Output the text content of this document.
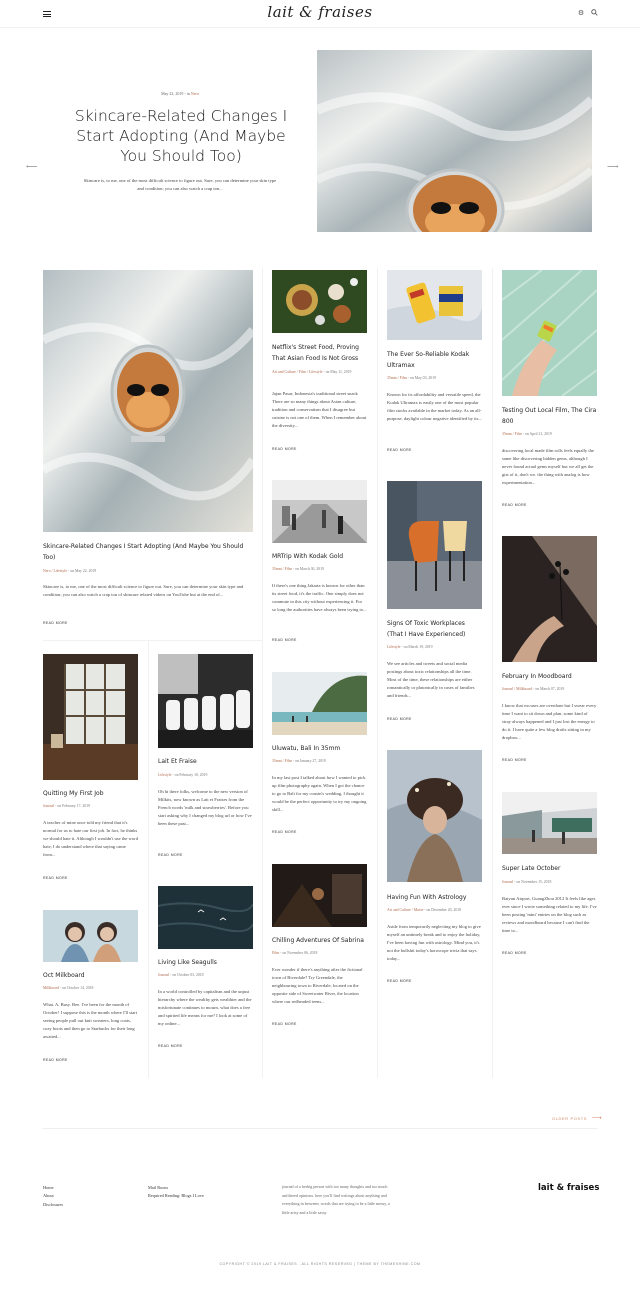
lait & fraises	⚙
⟵	⟶
May 22, 2019 - in Nero
Skincare-Related Changes I Start Adopting (And Maybe You Should Too)
Skincare is, to me, one of the most difficult science to figure out. Sure, you can determine your skin type and condition; you can also watch a crap ton...
Skincare-Related Changes I Start Adopting (And Maybe You Should Too)
Nero / Lifestyle - on May 22, 2019
Skincare is, to me, one of the most difficult science to figure out. Sure, you can determine your skin type and condition; you can also watch a crap ton of skincare related videos on YouTube but at the end of...
READ MORE
Netflix's Street Food, Proving That Asian Food Is Not Gross
Art and Culture / Film / Lifestyle - on May 11, 2019
Jajan Pasar, Indonesia's traditional street snack There are so many things about Asian culture, tradition and conservatism that I disagree but cuisine is not one of them. When I remember about the diversity...
READ MORE
The Ever So-Reliable Kodak Ultramax
35mm / Film - on May 03, 2019
Known for its affordability and versatile speed, the Kodak Ultramax is easily one of the most popular film stocks available in the market today. As an all-purpose, daylight colour negative identified by its...
READ MORE
Testing Out Local Film, The Cira 800
35mm / Film - on April 21, 2019
discovering local made film rolls feels equally the same like discovering hidden gems, although I never found actual gems myself but we all get the gist of it, don't we. the thing with analog is how experimentation...
READ MORE
MRTrip With Kodak Gold
35mm / Film - on March 30, 2019
If there's one thing Jakarta is known for other than its street food, it's the traffic. One simply does not commute in this city without experiencing it. For so long the authorities have always been trying to...
READ MORE
Signs Of Toxic Workplaces (That I Have Experienced)
Lifestyle - on March 19, 2019
We see articles and tweets and social media postings about toxic relationships all the time. Most of the time, these relationships are either romantically or platonically in cases of families and friends...
READ MORE
February In Moodboard
Journal / Milkboard - on March 07, 2019
I know that excuses are overdone but I swear every time I want to sit down and plan, some kind of stray always happened and I just lost the energy to do it. I have quite a few blog drafts sitting in my dropbox...
READ MORE
Quitting My First Job
Journal - on February 17, 2019
A teacher of mine once told my friend that it's normal for us to hate our first job. In fact, he thinks we should hate it. Although I wouldn't use the word hate, I do understand where that saying came from...
READ MORE
Lait Et Fraise
Lifestyle - on February 10, 2019
Oh hi there folks, welcome to the new version of Milkits, now known as Lait et Fraises from the French words 'milk and strawberries'. Before you start asking why I changed my blog url or how I've been these past...
READ MORE
Uluwatu, Bali In 35mm
35mm / Film - on January 27, 2019
In my last post I talked about how I wanted to pick up film photography again. When I got the chance to go to Bali for my cousin's wedding, I thought it would be the perfect opportunity to try my ongoing skill...
READ MORE
Having Fun With Astrology
Art and Culture / Musie - on December 20, 2018
Aside from temporarily neglecting my blog to give myself an untimely break and to enjoy the holiday, I've been having fun with astrology. Mind you, it's not the bullshit today's horoscope trivia that says today...
READ MORE
Super Late October
Journal - on November 15, 2018
Baiyun Airport, GuangZhou 2012 It feels like ages ever since I wrote something related to my life. I've been posting 'mini' entries on the blog such as reviews and moodboard because I can't find the time to...
READ MORE
Oct Milkboard
Milkboard - on October 14, 2018
What. A. Busy. Bee. I've been for the month of October! I suppose this is the month where I'll start seeing people pull out knit sweaters, long coats, cozy boots and then go to Starbucks for their long awaited...
READ MORE
Living Like Seagulls
Journal - on October 03, 2018
In a world controlled by capitalism and the unjust hierarchy where the wealthy gets wealthier and the misfortunate continues to mourn, what does a free and spirited life means for me? I look at some of my online...
READ MORE
Chilling Adventures Of Sabrina
Film - on November 06, 2018
Ever wonder if there's anything after the fictional town of Riverdale? Try Greendale, the neighbouring town to Riverdale, located on the opposite side of Sweetwater River, the location where our redheaded teens...
READ MORE
OLDER POSTS ⟶
Home
About
Disclosures
Mail Room
Required Reading: Blogs I Love
journal of a herbig person with too many thoughts and too much unfiltered opinions. here you'll find writings about anything and everything in between; words that are trying to be a little messy, a little artsy and a little sassy.
lait & fraises
COPYRIGHT © 2019 LAIT & FRAISES . ALL RIGHTS RESERVED | THEME BY THEMESHINE.COM
